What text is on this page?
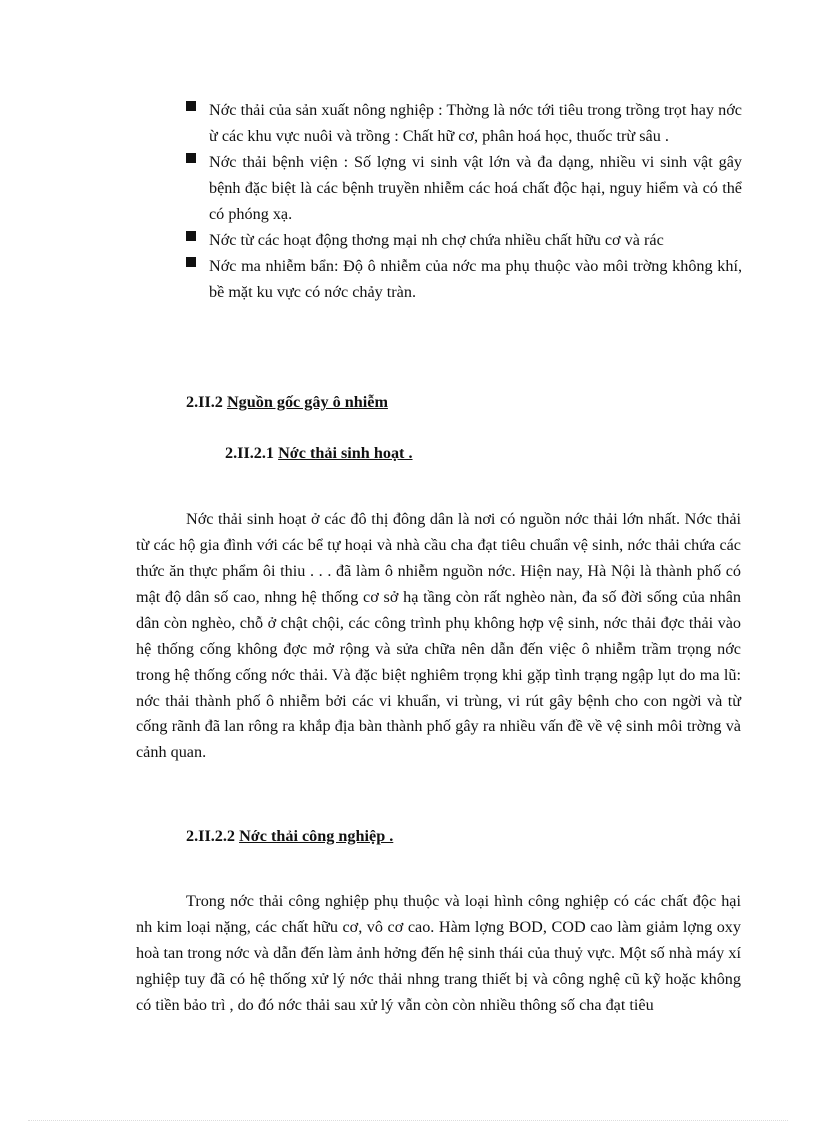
Nớc thải của sản xuất nông nghiệp : Thờng là nớc tới tiêu trong trồng trọt hay nớc ừ các khu vực nuôi và trồng : Chất hữ cơ, phân hoá học, thuốc trừ sâu .
Nớc thải bệnh viện : Số lợng vi sinh vật lớn và đa dạng, nhiều vi sinh vật gây bệnh đặc biệt là các bệnh truyền nhiễm các hoá chất độc hại, nguy hiểm và có thể có phóng xạ.
Nớc từ các hoạt động thơng mại nh chợ chứa nhiều chất hữu cơ và rác
Nớc ma nhiễm bẩn: Độ ô nhiễm của nớc ma phụ thuộc vào môi trờng không khí, bề mặt ku vực có nớc chảy tràn.
2.II.2 Nguồn gốc gây ô nhiễm
2.II.2.1 Nớc thải sinh hoạt .

Nớc thải sinh hoạt ở các đô thị đông dân là nơi có nguồn nớc thải lớn nhất. Nớc thải từ các hộ gia đình với các bể tự hoại và nhà cầu cha đạt tiêu chuẩn vệ sinh, nớc thải chứa các thức ăn thực phẩm ôi thiu . . . đã làm ô nhiễm nguồn nớc. Hiện nay, Hà Nội là thành phố có mật độ dân số cao, nhng hệ thống cơ sở hạ tầng còn rất nghèo nàn, đa số đời sống của nhân dân còn nghèo, chỗ ở chật chội, các công trình phụ không hợp vệ sinh, nớc thải đợc thải vào hệ thống cống không đợc mở rộng và sửa chữa nên dẫn đến việc ô nhiễm trầm trọng nớc trong hệ thống cống nớc thải. Và đặc biệt nghiêm trọng khi gặp tình trạng ngập lụt do ma lũ: nớc thải thành phố ô nhiễm bởi các vi khuẩn, vi trùng, vi rút gây bệnh cho con ngời và từ cống rãnh đã lan rông ra khắp địa bàn thành phố gây ra nhiều vấn đề về vệ sinh môi trờng và cảnh quan.

2.II.2.2 Nớc thải công nghiệp .

Trong nớc thải công nghiệp phụ thuộc và loại hình công nghiệp có các chất độc hại nh kim loại nặng, các chất hữu cơ, vô cơ cao. Hàm lợng BOD, COD cao làm giảm lợng oxy hoà tan trong nớc và dẫn đến làm ảnh hởng đến hệ sinh thái của thuỷ vực. Một số nhà máy xí nghiệp tuy đã có hệ thống xử lý nớc thải nhng trang thiết bị và công nghệ cũ kỹ hoặc không có tiền bảo trì , do đó nớc thải sau xử lý vẫn còn còn nhiều thông số cha đạt tiêu
